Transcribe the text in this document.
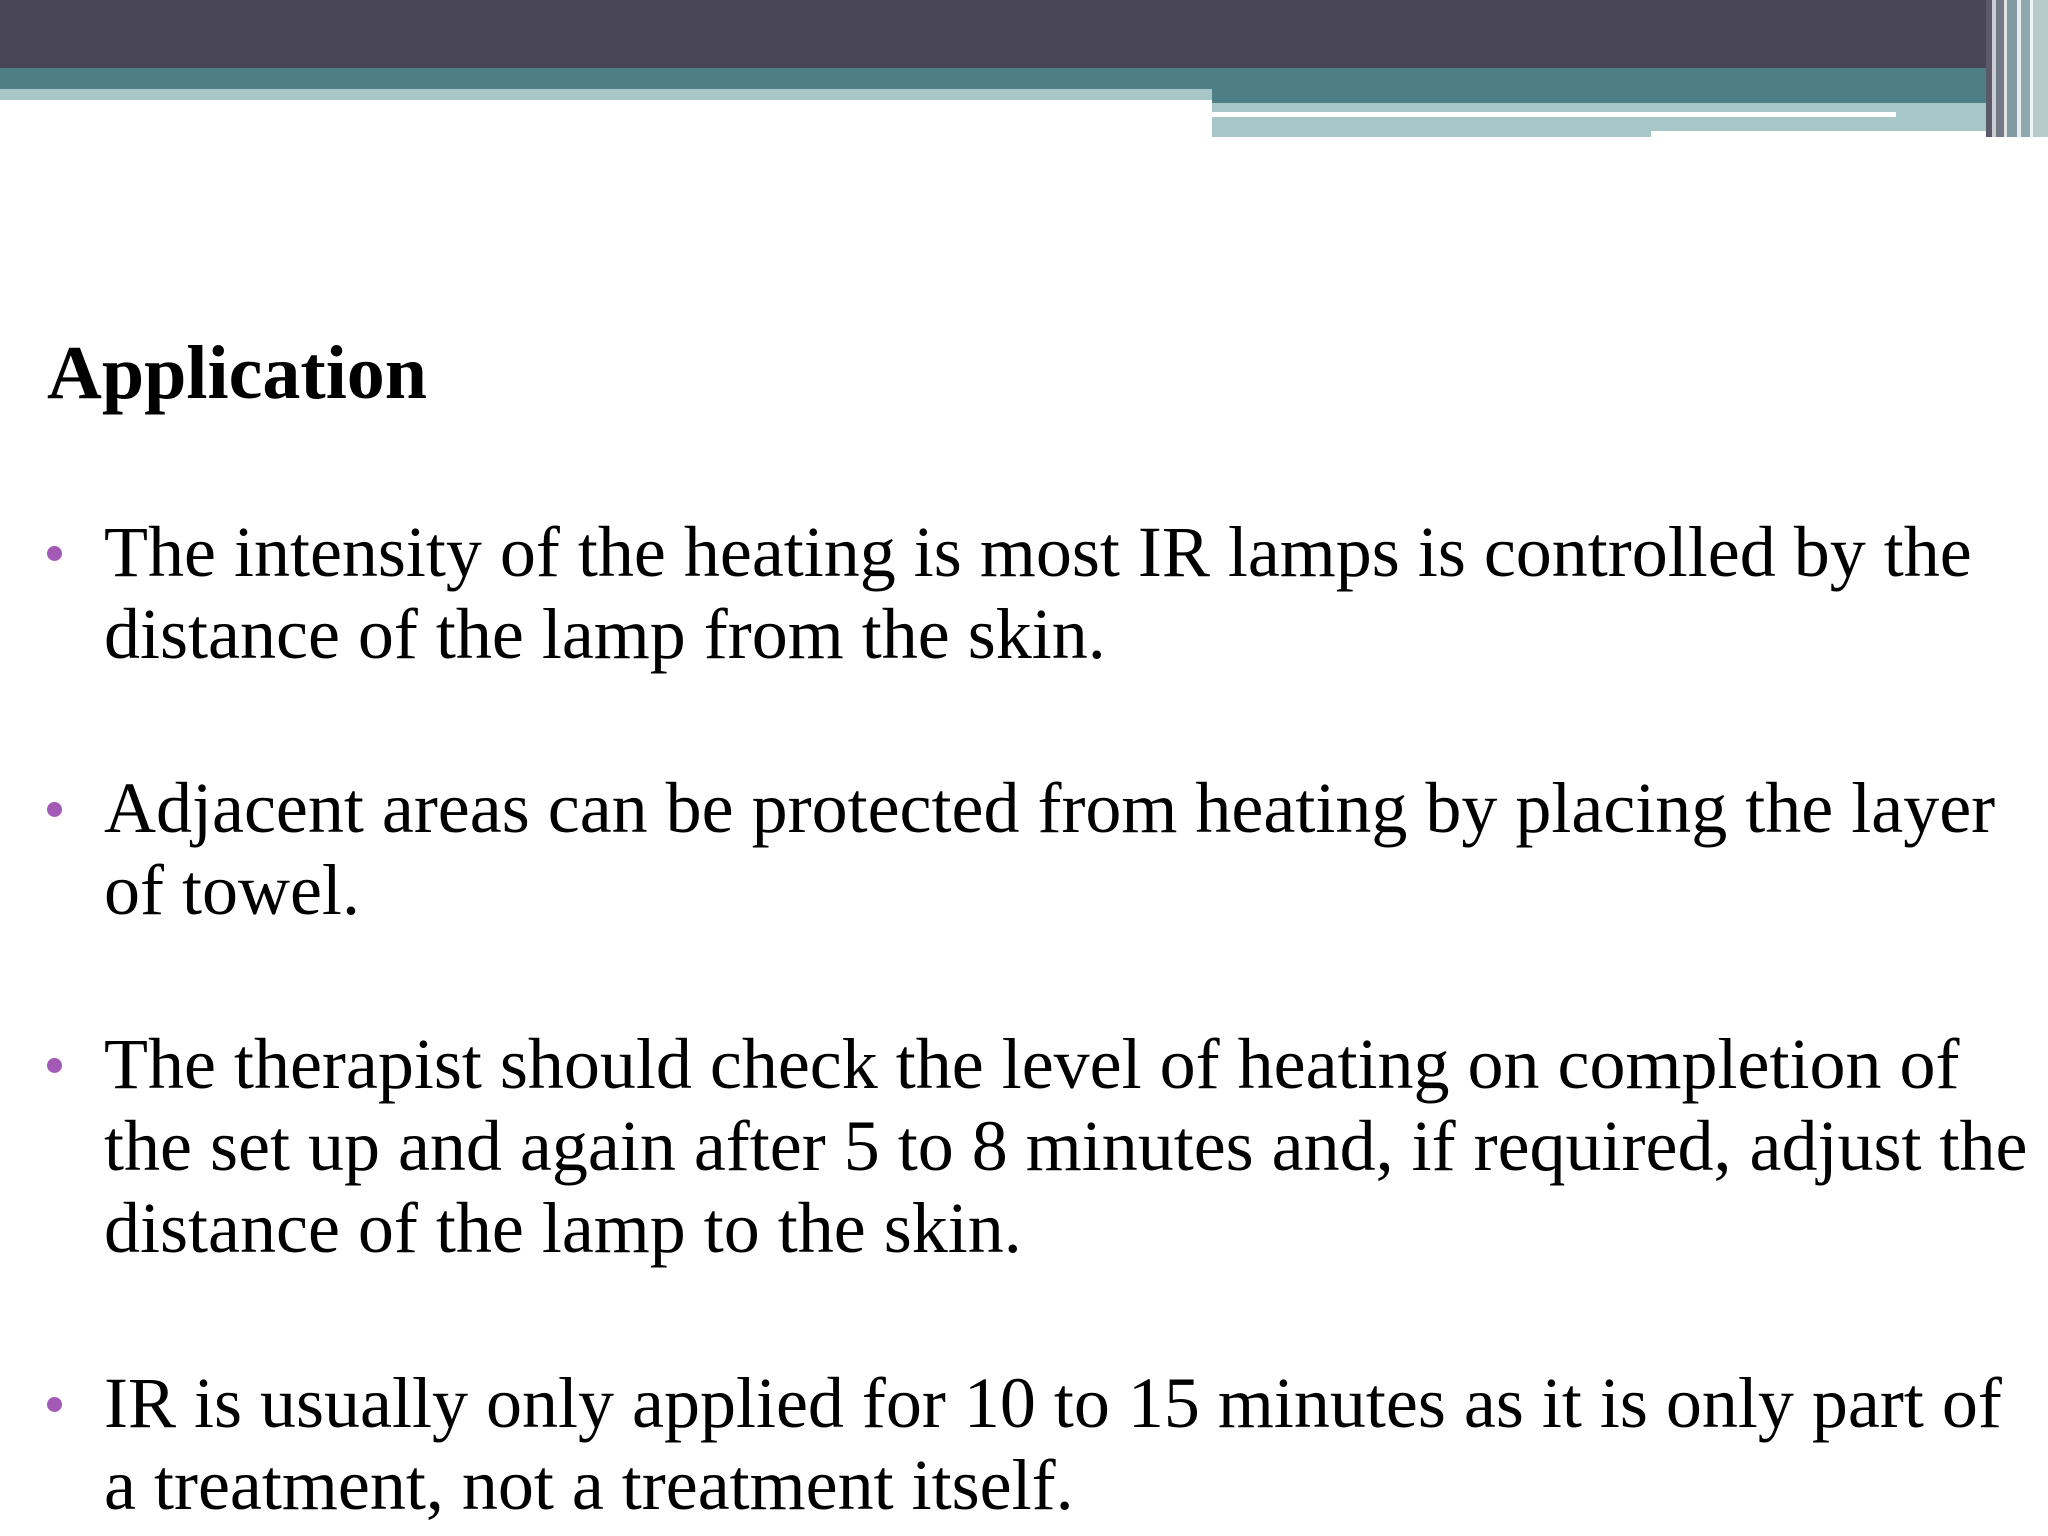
Application
The intensity of the heating is most IR lamps is controlled by the distance of the lamp from the skin.
Adjacent areas can be protected from heating by placing the layer of towel.
The therapist should check the level of heating on completion of the set up and again after 5 to 8 minutes and, if required, adjust the distance of the lamp to the skin.
IR is usually only applied for 10 to 15 minutes as it is only part of a treatment, not a treatment itself.
